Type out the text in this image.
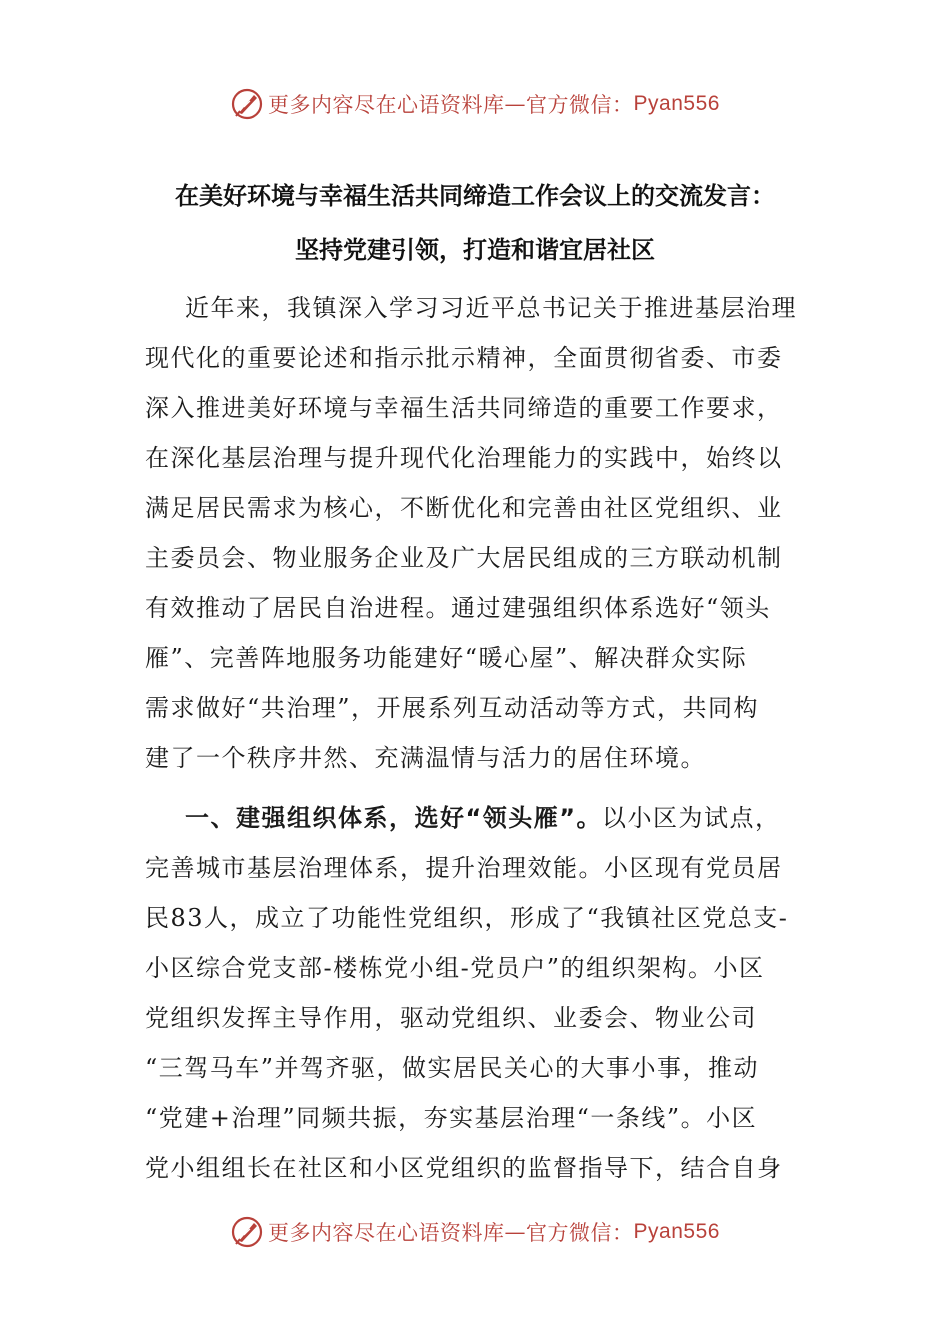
更多内容尽在心语资料库 — 官方微信： Pyan556
在美好环境与幸福生活共同缔造工作会议上的交流发言：
坚持党建引领，打造和谐宜居社区
近年来，我镇深入学习习近平总书记关于推进基层治理
现代化的重要论述和指示批示精神，全面贯彻省委、市委
深入推进美好环境与幸福生活共同缔造的重要工作要求，
在深化基层治理与提升现代化治理能力的实践中，始终以
满足居民需求为核心，不断优化和完善由社区党组织、业
主委员会、物业服务企业及广大居民组成的三方联动机制
有效推动了居民自治进程。通过建强组织体系选好“领头
雁”、完善阵地服务功能建好“暖心屋”、解决群众实际
需求做好“共治理”，开展系列互动活动等方式，共同构
建了一个秩序井然、充满温情与活力的居住环境。
一、建强组织体系，选好“领头雁”。以小区为试点，
完善城市基层治理体系，提升治理效能。小区现有党员居
民83人，成立了功能性党组织，形成了“我镇社区党总支-
小区综合党支部-楼栋党小组-党员户”的组织架构。小区
党组织发挥主导作用，驱动党组织、业委会、物业公司
“三驾马车”并驾齐驱，做实居民关心的大事小事，推动
“党建+治理”同频共振，夯实基层治理“一条线”。小区
党小组组长在社区和小区党组织的监督指导下，结合自身
更多内容尽在心语资料库 — 官方微信： Pyan556
